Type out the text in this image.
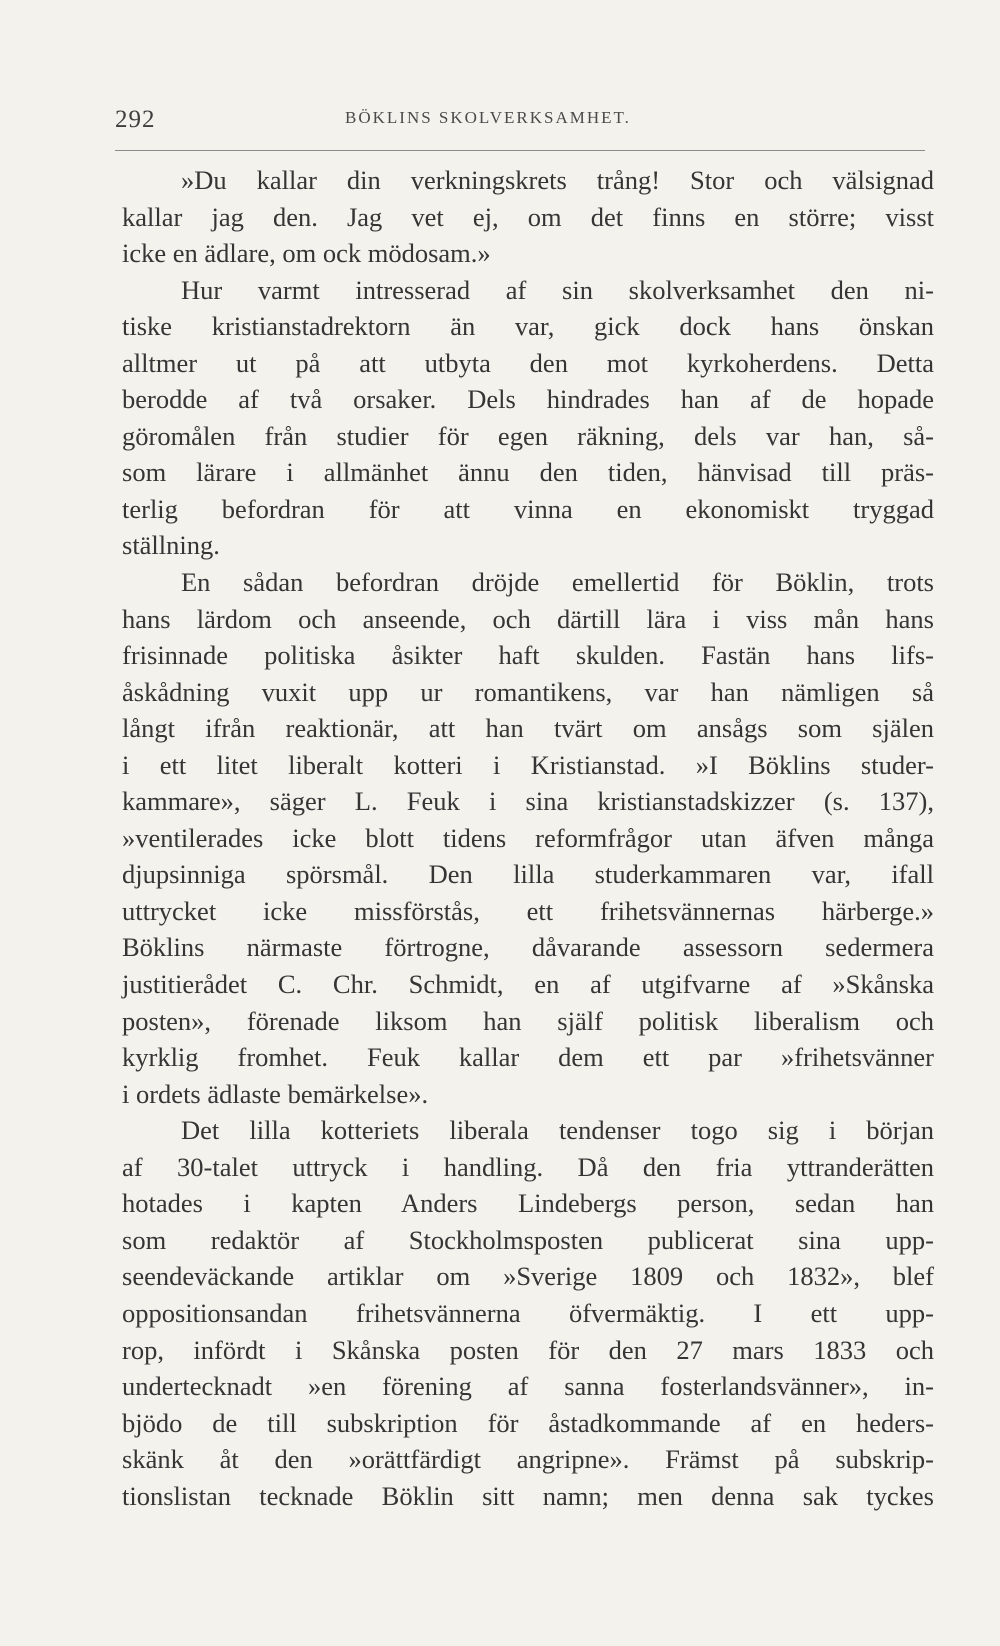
292	BÖKLINS SKOLVERKSAMHET.
»Du kallar din verkningskrets trång! Stor och välsignad
kallar jag den. Jag vet ej, om det finns en större; visst
icke en ädlare, om ock mödosam.»
Hur varmt intresserad af sin skolverksamhet den ni-
tiske kristianstadrektorn än var, gick dock hans önskan
alltmer ut på att utbyta den mot kyrkoherdens. Detta
berodde af två orsaker. Dels hindrades han af de hopade
göromålen från studier för egen räkning, dels var han, så-
som lärare i allmänhet ännu den tiden, hänvisad till präs-
terlig befordran för att vinna en ekonomiskt tryggad
ställning.
En sådan befordran dröjde emellertid för Böklin, trots
hans lärdom och anseende, och därtill lära i viss mån hans
frisinnade politiska åsikter haft skulden. Fastän hans lifs-
åskådning vuxit upp ur romantikens, var han nämligen så
långt ifrån reaktionär, att han tvärt om ansågs som själen
i ett litet liberalt kotteri i Kristianstad. »I Böklins studer-
kammare», säger L. Feuk i sina kristianstadskizzer (s. 137),
»ventilerades icke blott tidens reformfrågor utan äfven många
djupsinniga spörsmål. Den lilla studerkammaren var, ifall
uttrycket icke missförstås, ett frihetsvännernas härberge.»
Böklins närmaste förtrogne, dåvarande assessorn sedermera
justitierådet C. Chr. Schmidt, en af utgifvarne af »Skånska
posten», förenade liksom han själf politisk liberalism och
kyrklig fromhet. Feuk kallar dem ett par »frihetsvänner
i ordets ädlaste bemärkelse».
Det lilla kotteriets liberala tendenser togo sig i början
af 30-talet uttryck i handling. Då den fria yttranderätten
hotades i kapten Anders Lindebergs person, sedan han
som redaktör af Stockholmsposten publicerat sina upp-
seendeväckande artiklar om »Sverige 1809 och 1832», blef
oppositionsandan frihetsvännerna öfvermäktig. I ett upp-
rop, infördt i Skånska posten för den 27 mars 1833 och
undertecknadt »en förening af sanna fosterlandsvänner», in-
bjödo de till subskription för åstadkommande af en heders-
skänk åt den »orättfärdigt angripne». Främst på subskrip-
tionslistan tecknade Böklin sitt namn; men denna sak tyckes
